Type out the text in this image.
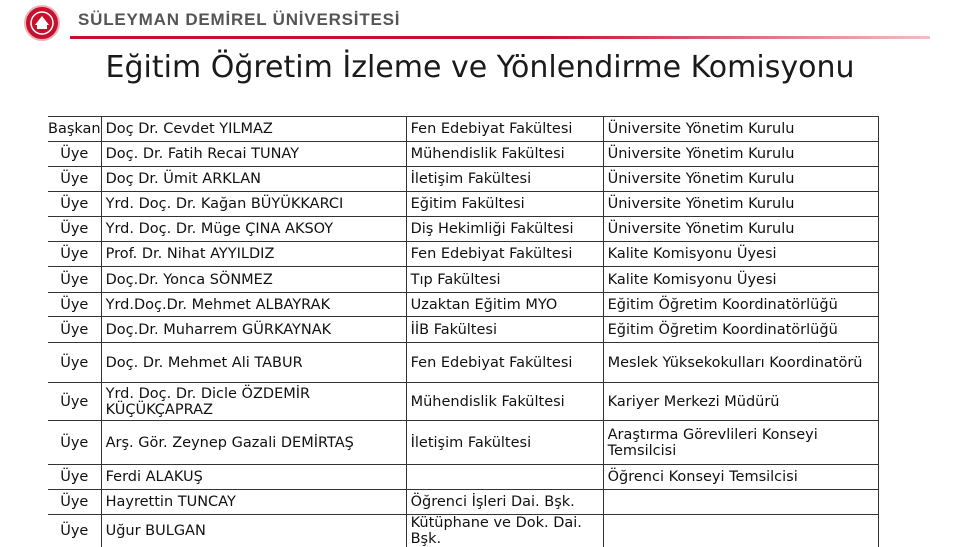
SÜLEYMAN DEMİREL ÜNİVERSİTESİ
Eğitim Öğretim İzleme ve Yönlendirme Komisyonu
Başkan	Doç Dr. Cevdet YILMAZ	Fen Edebiyat Fakültesi	Üniversite Yönetim Kurulu
Üye	Doç. Dr. Fatih Recai TUNAY	Mühendislik Fakültesi	Üniversite Yönetim Kurulu
Üye	Doç Dr. Ümit ARKLAN	İletişim Fakültesi	Üniversite Yönetim Kurulu
Üye	Yrd. Doç. Dr. Kağan BÜYÜKKARCI	Eğitim Fakültesi	Üniversite Yönetim Kurulu
Üye	Yrd. Doç. Dr. Müge ÇINA AKSOY	Diş Hekimliği Fakültesi	Üniversite Yönetim Kurulu
Üye	Prof. Dr. Nihat AYYILDIZ	Fen Edebiyat Fakültesi	Kalite Komisyonu Üyesi
Üye	Doç.Dr. Yonca SÖNMEZ	Tıp Fakültesi	Kalite Komisyonu Üyesi
Üye	Yrd.Doç.Dr. Mehmet ALBAYRAK	Uzaktan Eğitim MYO	Eğitim Öğretim Koordinatörlüğü
Üye	Doç.Dr. Muharrem GÜRKAYNAK	İİB Fakültesi	Eğitim Öğretim Koordinatörlüğü
Üye	Doç. Dr. Mehmet Ali TABUR	Fen Edebiyat Fakültesi	Meslek Yüksekokulları Koordinatörü
Üye	Yrd. Doç. Dr. Dicle ÖZDEMİR KÜÇÜKÇAPRAZ	Mühendislik Fakültesi	Kariyer Merkezi Müdürü
Üye	Arş. Gör. Zeynep Gazali DEMİRTAŞ	İletişim Fakültesi	Araştırma Görevlileri Konseyi Temsilcisi
Üye	Ferdi ALAKUŞ		Öğrenci Konseyi Temsilcisi
Üye	Hayrettin TUNCAY	Öğrenci İşleri Dai. Bşk.	
Üye	Uğur BULGAN	Kütüphane ve Dok. Dai. Bşk.	
